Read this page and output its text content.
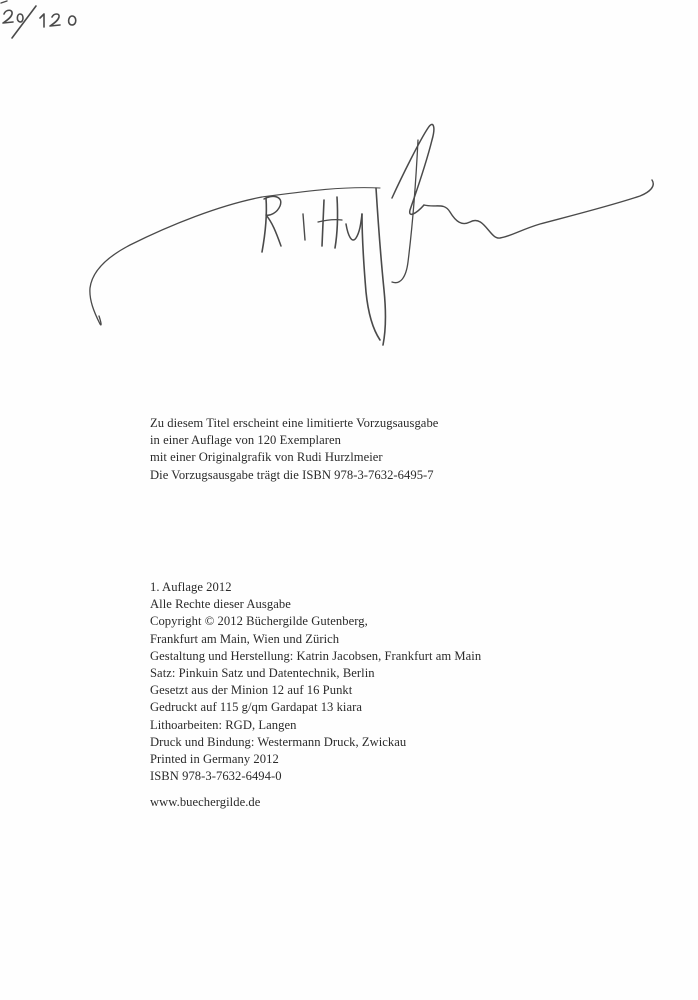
Zu diesem Titel erscheint eine limitierte Vorzugsausgabe
in einer Auflage von 120 Exemplaren
mit einer Originalgrafik von Rudi Hurzlmeier
Die Vorzugsausgabe trägt die ISBN 978-3-7632-6495-7
1. Auflage 2012
Alle Rechte dieser Ausgabe
Copyright © 2012 Büchergilde Gutenberg,
Frankfurt am Main, Wien und Zürich
Gestaltung und Herstellung: Katrin Jacobsen, Frankfurt am Main
Satz: Pinkuin Satz und Datentechnik, Berlin
Gesetzt aus der Minion 12 auf 16 Punkt
Gedruckt auf 115 g/qm Gardapat 13 kiara
Lithoarbeiten: RGD, Langen
Druck und Bindung: Westermann Druck, Zwickau
Printed in Germany 2012
ISBN 978-3-7632-6494-0
www.buechergilde.de
